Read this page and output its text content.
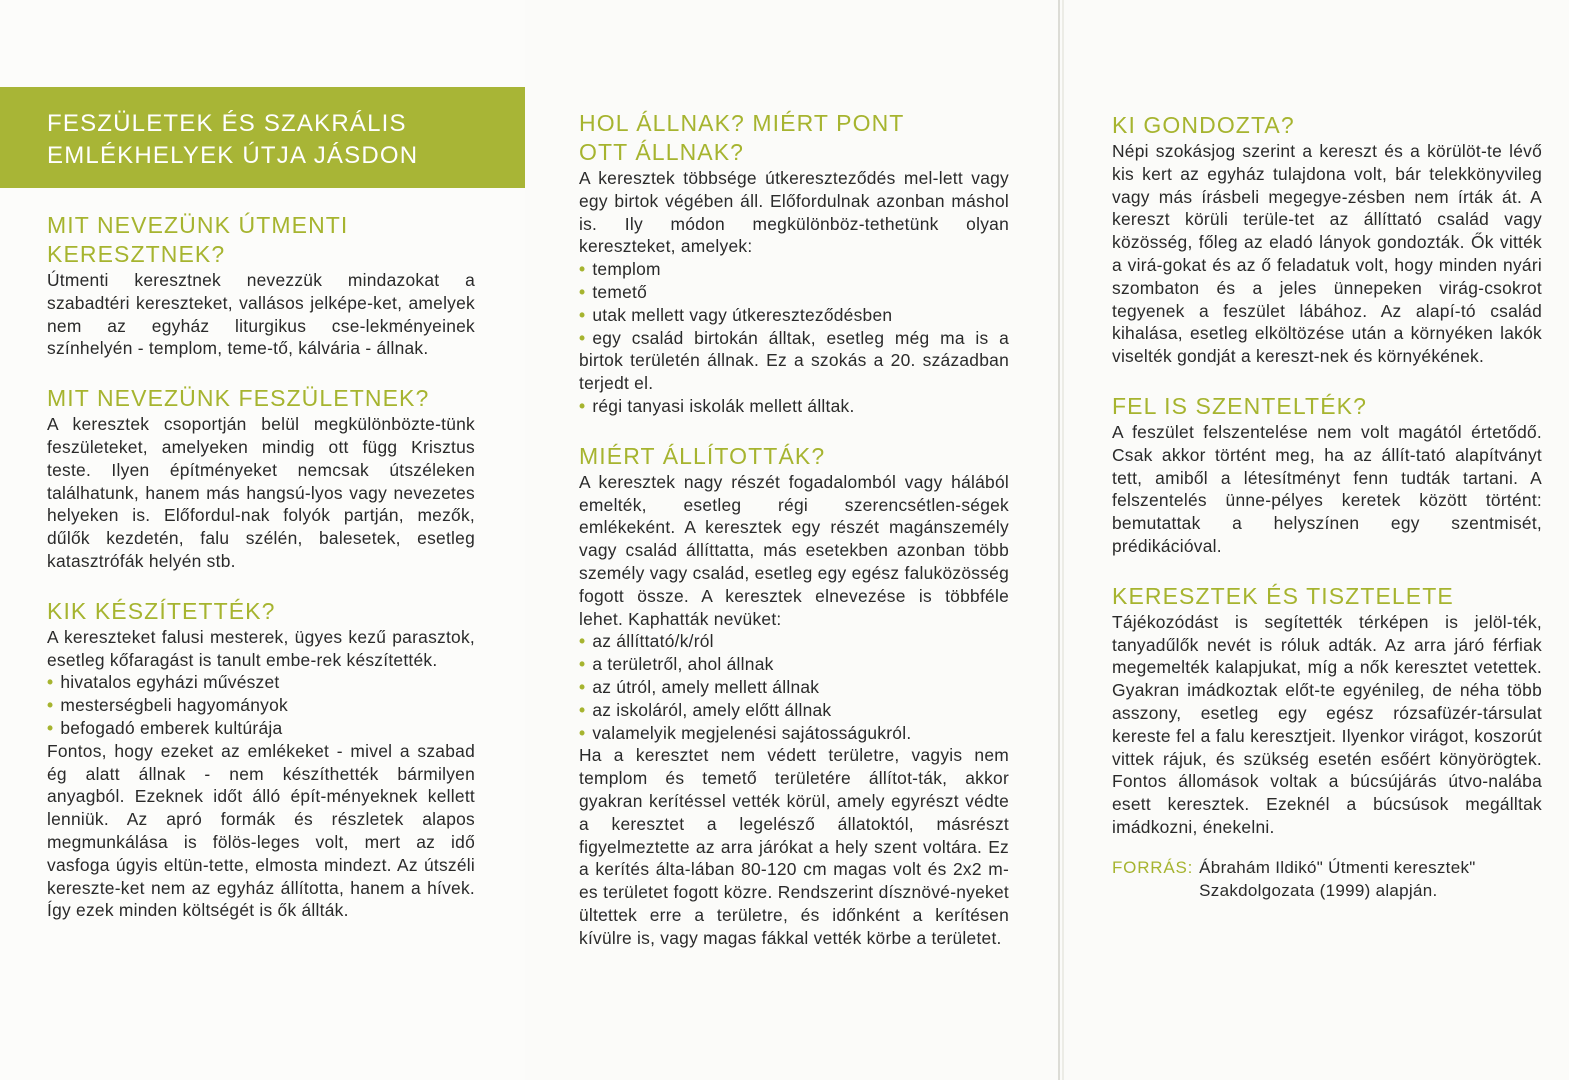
FESZÜLETEK ÉS SZAKRÁLIS
EMLÉKHELYEK ÚTJA JÁSDON
MIT NEVEZÜNK ÚTMENTI
KERESZTNEK?

Útmenti keresztnek nevezzük mindazokat a szabadtéri kereszteket, vallásos jelképe-ket, amelyek nem az egyház liturgikus cse-lekményeinek színhelyén - templom, teme-tő, kálvária - állnak.

MIT NEVEZÜNK FESZÜLETNEK?

A keresztek csoportján belül megkülönbözte-tünk feszületeket, amelyeken mindig ott függ Krisztus teste. Ilyen építményeket nemcsak útszéleken találhatunk, hanem más hangsú-lyos vagy nevezetes helyeken is. Előfordul-nak folyók partján, mezők, dűlők kezdetén, falu szélén, balesetek, esetleg katasztrófák helyén stb.

KIK KÉSZÍTETTÉK?

A kereszteket falusi mesterek, ügyes kezű parasztok, esetleg kőfaragást is tanult embe-rek készítették.

• hivatalos egyházi művészet
• mesterségbeli hagyományok
• befogadó emberek kultúrája

Fontos, hogy ezeket az emlékeket - mivel a szabad ég alatt állnak - nem készíthették bármilyen anyagból. Ezeknek időt álló épít-ményeknek kellett lenniük. Az apró formák és részletek alapos megmunkálása is fölös-leges volt, mert az idő vasfoga úgyis eltün-tette, elmosta mindezt. Az útszéli kereszte-ket nem az egyház állította, hanem a hívek. Így ezek minden költségét is ők állták.

HOL ÁLLNAK? MIÉRT PONT
OTT ÁLLNAK?

A keresztek többsége útkereszteződés mel-lett vagy egy birtok végében áll. Előfordulnak azonban máshol is. Ily módon megkülönböz-tethetünk olyan kereszteket, amelyek:

• templom
• temető
• utak mellett vagy útkereszteződésben
• egy család birtokán álltak, esetleg még ma is a birtok területén állnak. Ez a szokás a 20. században terjedt el.
• régi tanyasi iskolák mellett álltak.
MIÉRT ÁLLÍTOTTÁK?

A keresztek nagy részét fogadalomból vagy hálából emelték, esetleg régi szerencsétlen-ségek emlékeként. A keresztek egy részét magánszemély vagy család állíttatta, más esetekben azonban több személy vagy család, esetleg egy egész faluközösség fogott össze. A keresztek elnevezése is többféle lehet. Kaphatták nevüket:

• az állíttató/k/ról
• a területről, ahol állnak
• az útról, amely mellett állnak
• az iskoláról, amely előtt állnak
• valamelyik megjelenési sajátosságukról.

Ha a keresztet nem védett területre, vagyis nem templom és temető területére állítot-ták, akkor gyakran kerítéssel vették körül, amely egyrészt védte a keresztet a legelésző állatoktól, másrészt figyelmeztette az arra járókat a hely szent voltára. Ez a kerítés álta-lában 80-120 cm magas volt és 2x2 m-es területet fogott közre. Rendszerint dísznövé-nyeket ültettek erre a területre, és időnként a kerítésen kívülre is, vagy magas fákkal vették körbe a területet.

KI GONDOZTA?

Népi szokásjog szerint a kereszt és a körülöt-te lévő kis kert az egyház tulajdona volt, bár telekkönyvileg vagy más írásbeli megegye-zésben nem írták át. A kereszt körüli terüle-tet az állíttató család vagy közösség, főleg az eladó lányok gondozták. Ők vitték a virá-gokat és az ő feladatuk volt, hogy minden nyári szombaton és a jeles ünnepeken virág-csokrot tegyenek a feszület lábához. Az alapí-tó család kihalása, esetleg elköltözése után a környéken lakók viselték gondját a kereszt-nek és környékének.

FEL IS SZENTELTÉK?

A feszület felszentelése nem volt magától értetődő. Csak akkor történt meg, ha az állít-tató alapítványt tett, amiből a létesítményt fenn tudták tartani. A felszentelés ünne-pélyes keretek között történt: bemutattak a helyszínen egy szentmisét, prédikációval.

KERESZTEK ÉS TISZTELETE

Tájékozódást is segítették térképen is jelöl-ték, tanyadűlők nevét is róluk adták. Az arra járó férfiak megemelték kalapjukat, míg a nők keresztet vetettek. Gyakran imádkoztak előt-te egyénileg, de néha több asszony, esetleg egy egész rózsafüzér-társulat kereste fel a falu keresztjeit. Ilyenkor virágot, koszorút vittek rájuk, és szükség esetén esőért könyörögtek. Fontos állomások voltak a búcsújárás útvo-nalába esett keresztek. Ezeknél a búcsúsok megálltak imádkozni, énekelni.

FORRÁS: Ábrahám Ildikó" Útmenti keresztek"
Szakdolgozata (1999) alapján.
